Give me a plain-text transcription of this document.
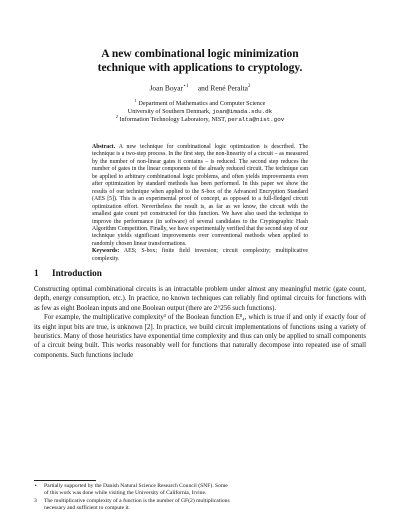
A new combinational logic minimization
technique with applications to cryptology.
Joan Boyar$^{⋆1}$ and René Peralta$^2$
$^1$ Department of Mathematics and Computer Science
University of Southern Denmark, joan@imada.sdu.dk
$^2$ Information Technology Laboratory, NIST, peralta@nist.gov
Abstract. A new technique for combinational logic optimization is described. The technique is a two-step process. In the first step, the non-linearity of a circuit – as measured by the number of non-linear gates it contains – is reduced. The second step reduces the number of gates in the linear components of the already reduced circuit. The technique can be applied to arbitrary combinational logic problems, and often yields improvements even after optimization by standard methods has been performed. In this paper we show the results of our technique when applied to the S-box of the Advanced Encryption Standard (AES [5]). This is an experimental proof of concept, as opposed to a full-fledged circuit optimization effort. Nevertheless the result is, as far as we know, the circuit with the smallest gate count yet constructed for this function. We have also used the technique to improve the performance (in software) of several candidates to the Cryptographic Hash Algorithm Competition. Finally, we have experimentally verified that the second step of our technique yields significant improvements over conventional methods when applied to randomly chosen linear transformations.
Keywords: AES; S-box; finite field inversion; circuit complexity; multiplicative complexity.
1 Introduction

Constructing optimal combinational circuits is an intractable problem under almost any meaningful metric (gate count, depth, energy consumption, etc.). In practice, no known techniques can reliably find optimal circuits for functions with as few as eight Boolean inputs and one Boolean output (there are 2^256 such functions).

For example, the multiplicative complexity³ of the Boolean function E⁸₄, which is true if and only if exactly four of its eight input bits are true, is unknown [2]. In practice, we build circuit implementations of functions using a variety of heuristics. Many of those heuristics have exponential time complexity and thus can only be applied to small components of a circuit being built. This works reasonably well for functions that naturally decompose into repeated use of small components. Such functions include

⋆ Partially supported by the Danish Natural Science Research Council (SNF). Some
of this work was done while visiting the University of California, Irvine.
3 The multiplicative complexity of a function is the number of GF(2) multiplications
necessary and sufficient to compute it.
